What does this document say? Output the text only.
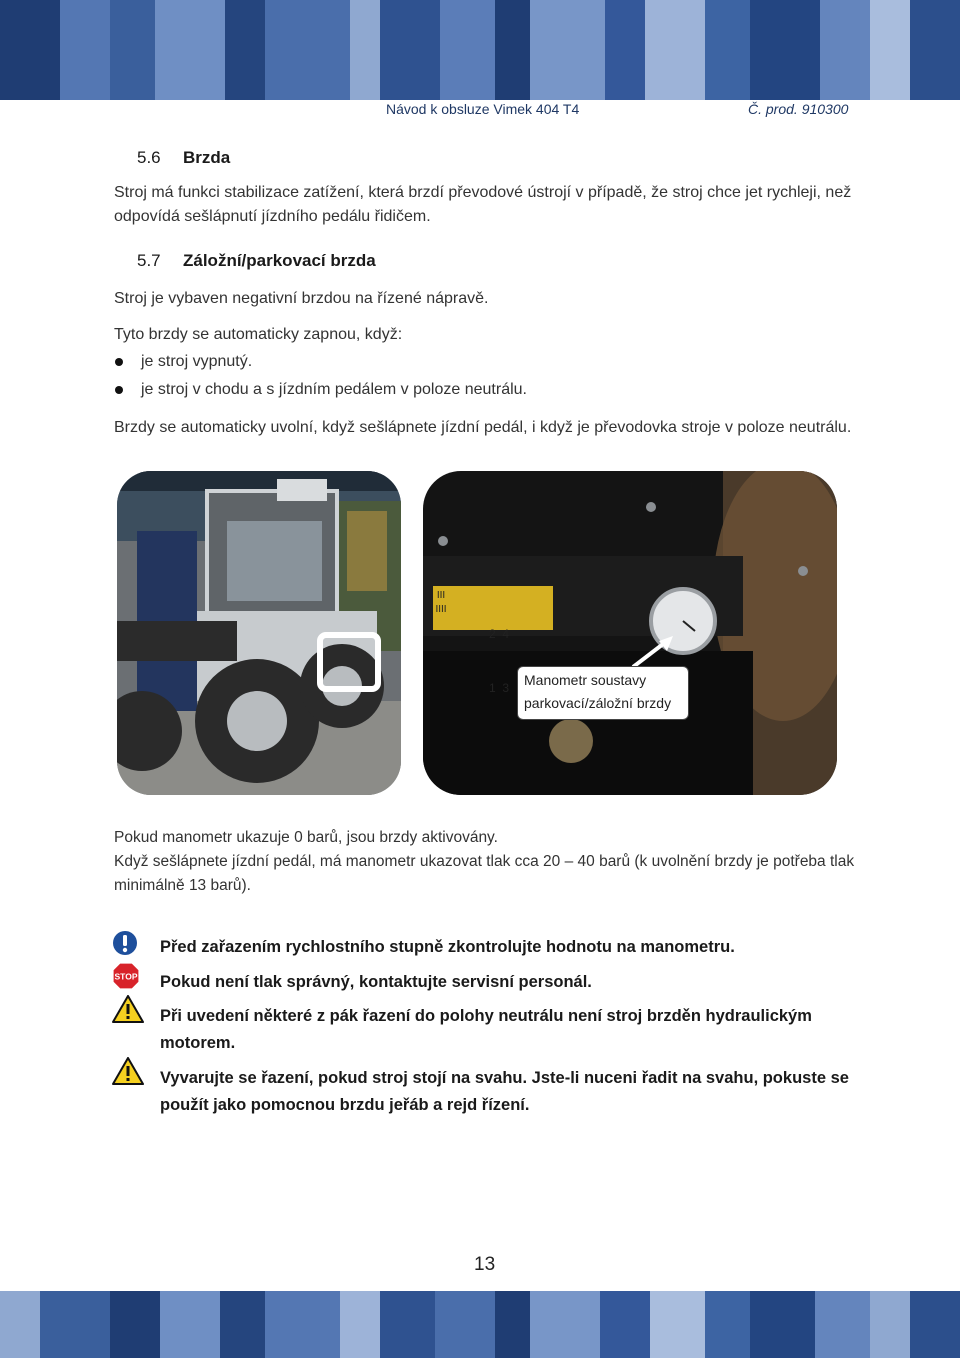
Návod k obsluze Vimek 404 T4	Č. prod. 910300
5.6 Brzda
Stroj má funkci stabilizace zatížení, která brzdí převodové ústrojí v případě, že stroj chce jet rychleji, než odpovídá sešlápnutí jízdního pedálu řidičem.
5.7 Záložní/parkovací brzda
Stroj je vybaven negativní brzdou na řízené nápravě.
Tyto brzdy se automaticky zapnou, když:
je stroj vypnutý.
je stroj v chodu a s jízdním pedálem v poloze neutrálu.
Brzdy se automaticky uvolní, když sešlápnete jízdní pedál, i když je převodovka stroje v poloze neutrálu.
III
IIII

2  4

1  3

	Manometr soustavy
parkovací/záložní brzdy
Pokud manometr ukazuje 0 barů, jsou brzdy aktivovány.
Když sešlápnete jízdní pedál, má manometr ukazovat tlak cca 20 – 40 barů (k uvolnění brzdy je potřeba tlak minimálně 13 barů).
Před zařazením rychlostního stupně zkontrolujte hodnotu na manometru.
STOP Pokud není tlak správný, kontaktujte servisní personál.
Při uvedení některé z pák řazení do polohy neutrálu není stroj brzděn hydraulickým motorem.
Vyvarujte se řazení, pokud stroj stojí na svahu. Jste-li nuceni řadit na svahu, pokuste se použít jako pomocnou brzdu jeřáb a rejd řízení.
13
